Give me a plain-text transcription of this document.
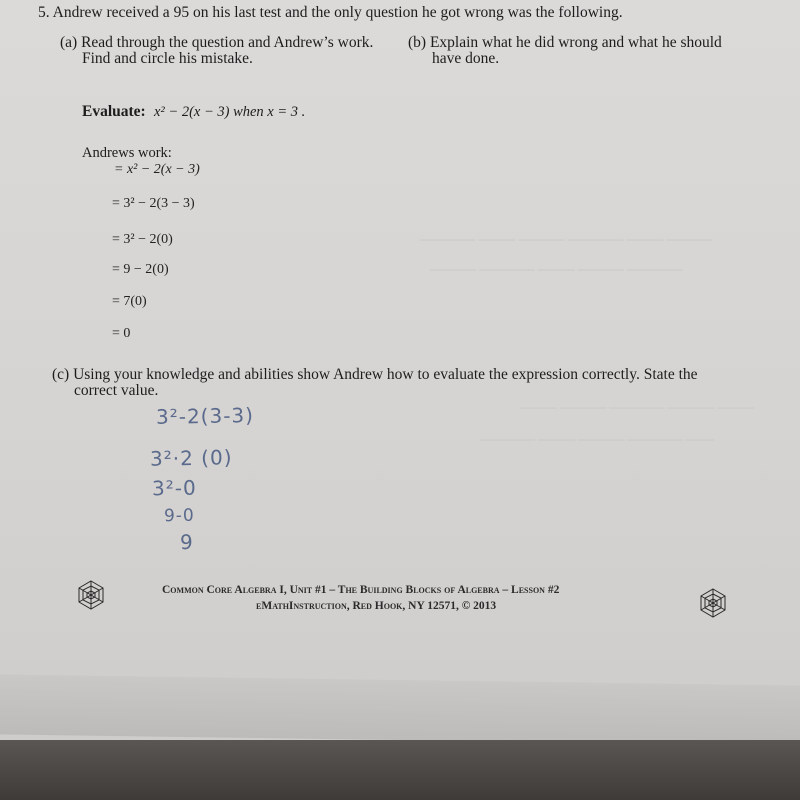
────── ──── ───── ────── ──── ─────
───── ────── ──── ───── ──────
──── ───── ────── ───── ────
────── ──── ───── ────── ───
5. Andrew received a 95 on his last test and the only question he got wrong was the following.
(a) Read through the question and Andrew’s work.
Find and circle his mistake.
(b) Explain what he did wrong and what he should
have done.
Evaluate: x² − 2(x − 3) when x = 3 .
Andrews work:
= x² − 2(x − 3)
= 3² − 2(3 − 3)
= 3² − 2(0)
= 9 − 2(0)
= 7(0)
= 0
(c) Using your knowledge and abilities show Andrew how to evaluate the expression correctly. State the
correct value.
3²-2(3-3)
3²·2 (0)
3²-0
9-0
9
Common Core Algebra I, Unit #1 – The Building Blocks of Algebra – Lesson #2
eMathInstruction, Red Hook, NY 12571, © 2013
